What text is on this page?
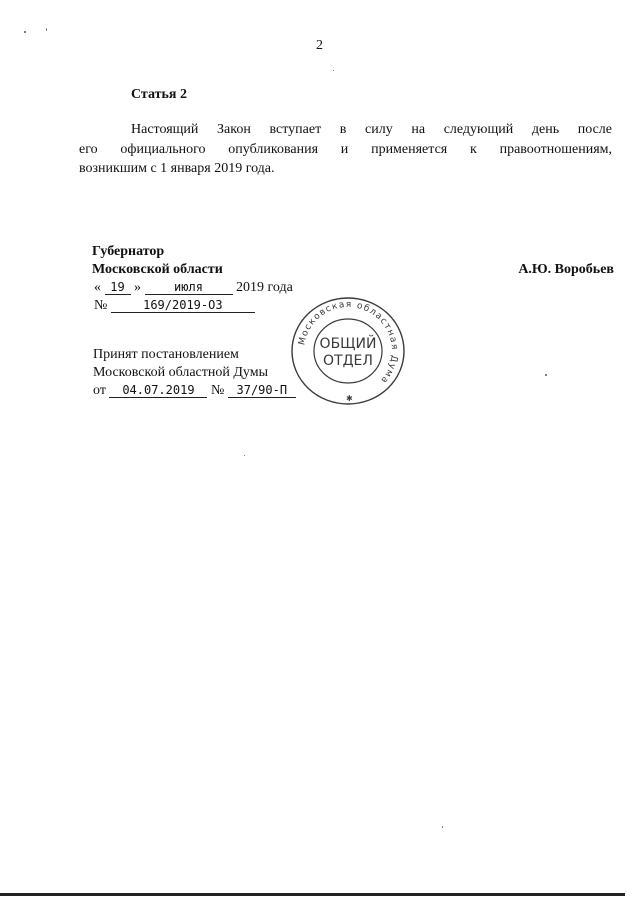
2
Статья 2
Настоящий Закон вступает в силу на следующий день после
его официального опубликования и применяется к правоотношениям,
возникшим с 1 января 2019 года.
Губернатор
Московской области	А.Ю. Воробьев
« 19 »	июля 2019 года
№	169/2019-ОЗ
Принят постановлением
Московской областной Думы
от 04.07.2019 № 37/90-П
Московская областная Дума
ОБЩИЙ
ОТДЕЛ
✱
